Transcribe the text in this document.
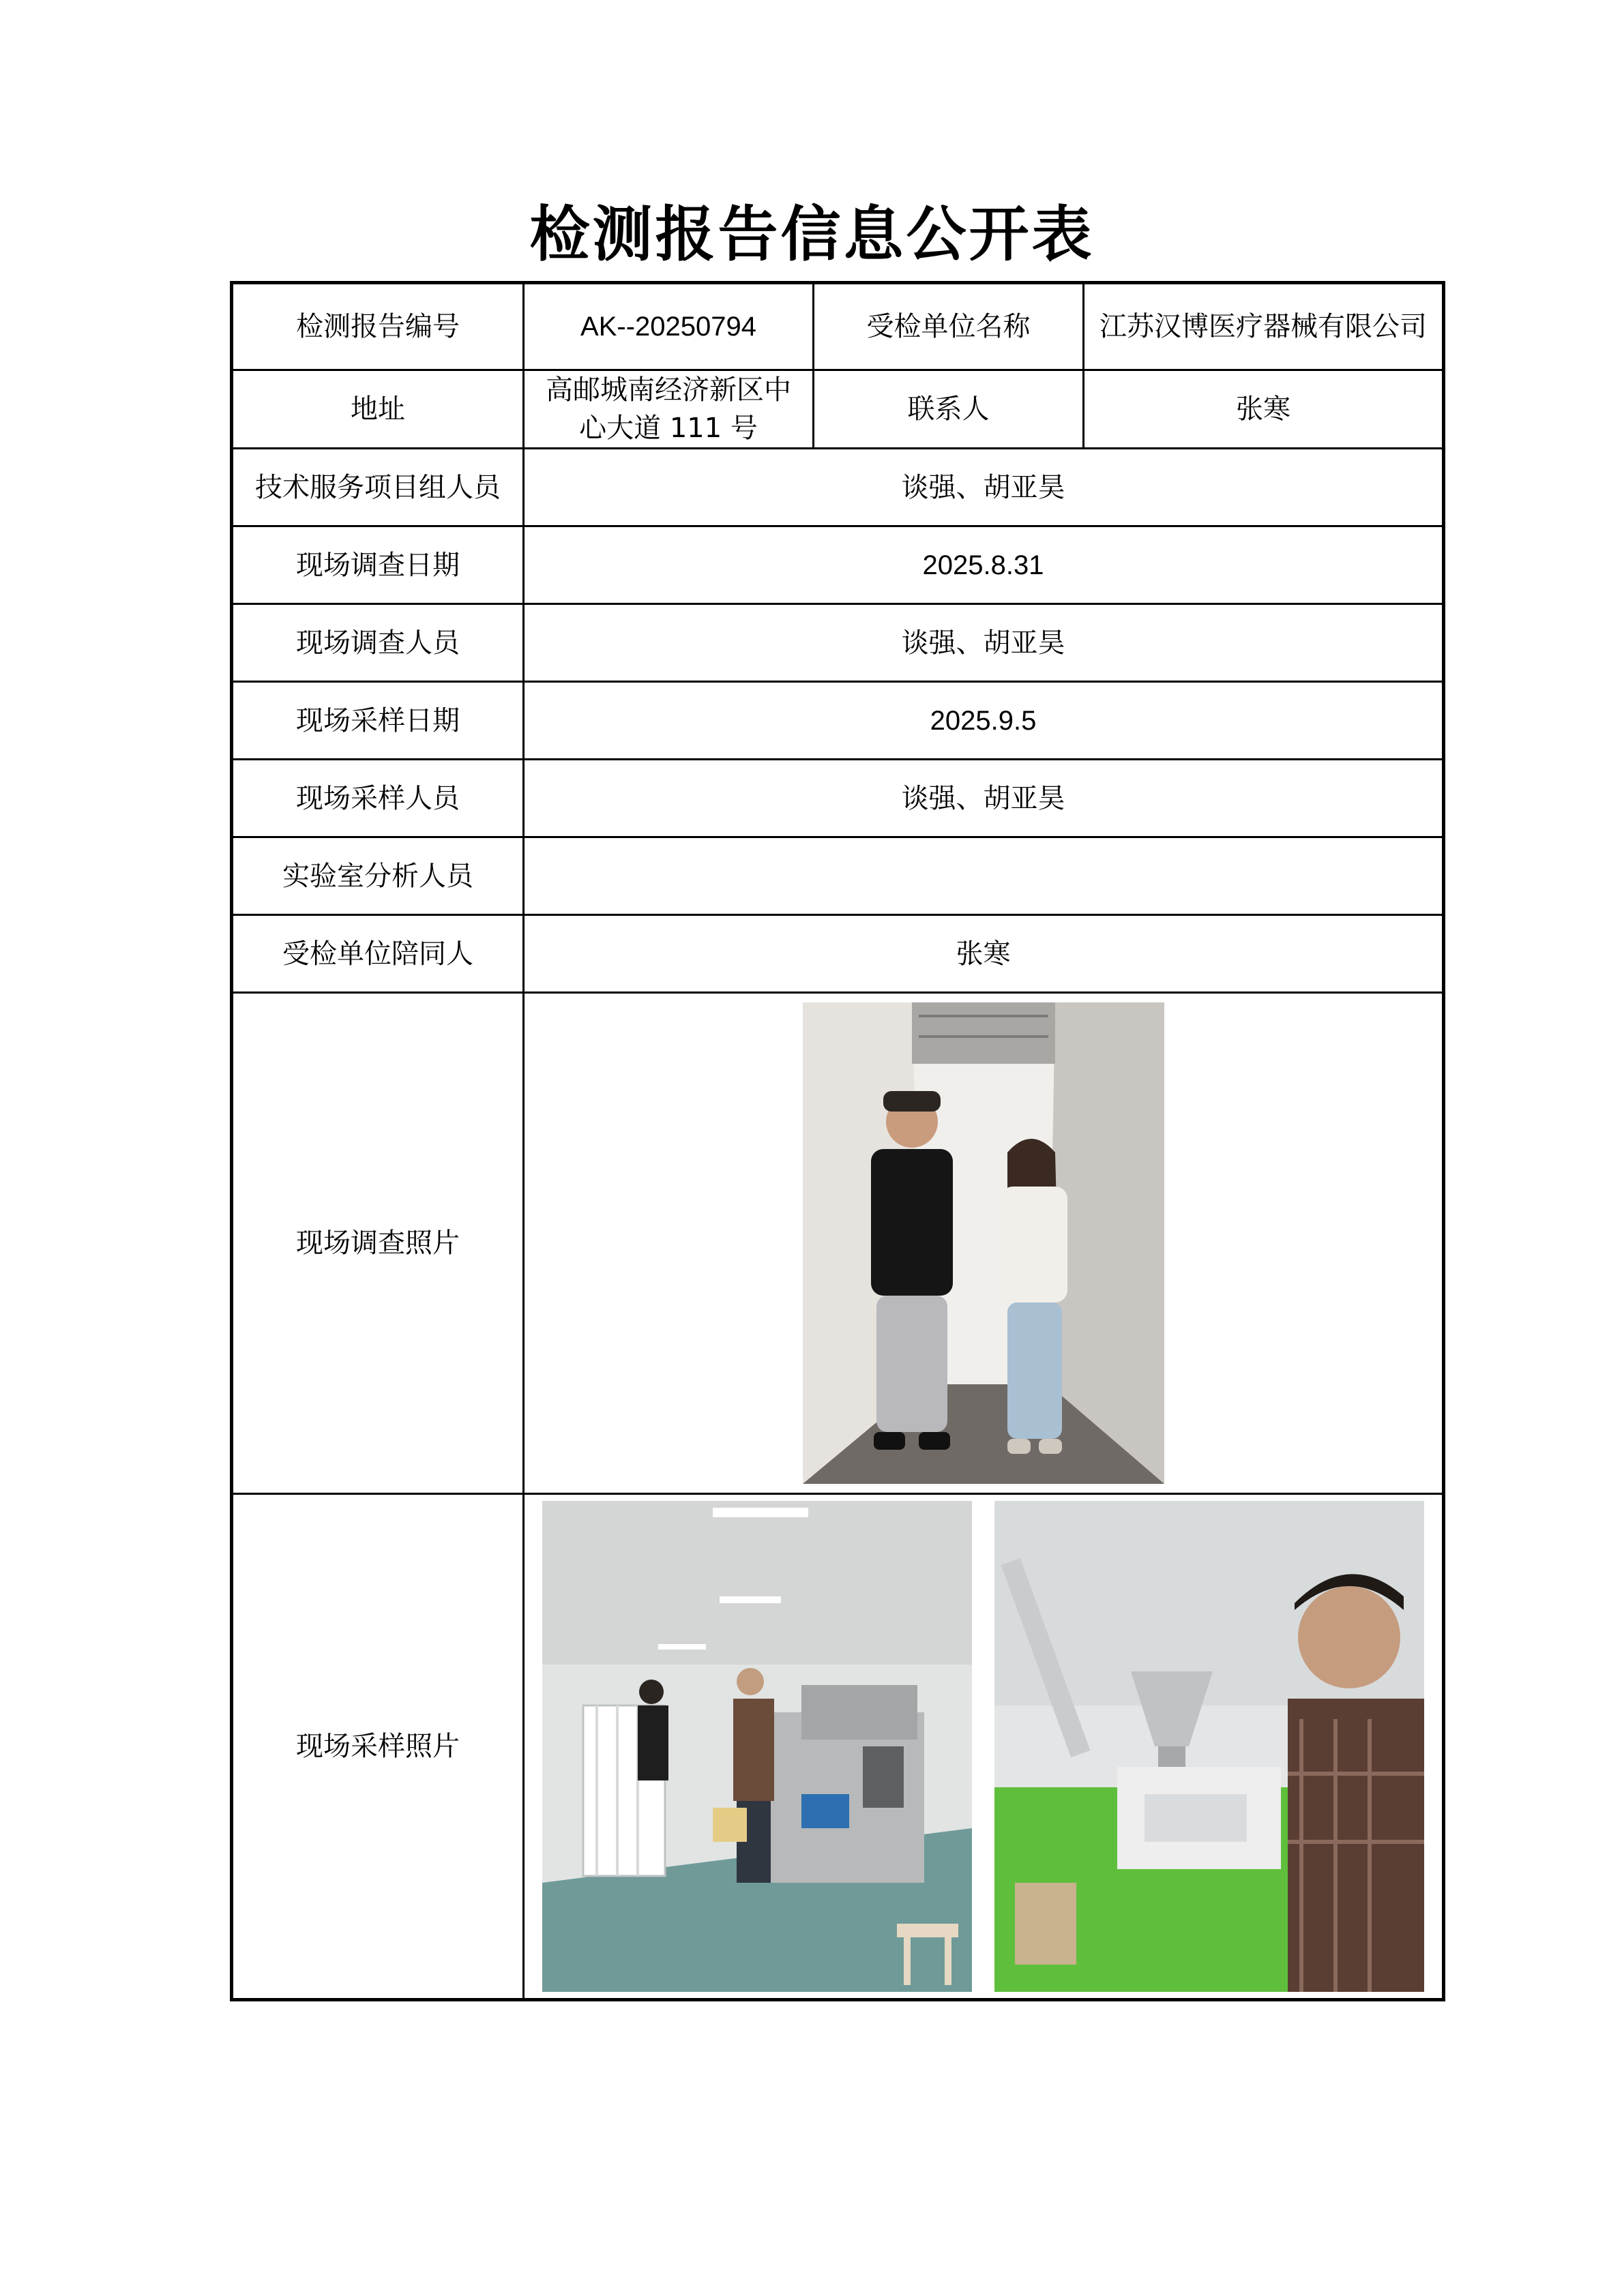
检测报告信息公开表
检测报告编号	AK--20250794	受检单位名称	江苏汉博医疗器械有限公司
地址	高邮城南经济新区中心大道 111 号	联系人	张寒
技术服务项目组人员	谈强、胡亚昊		
现场调查日期	2025.8.31		
现场调查人员	谈强、胡亚昊		
现场采样日期	2025.9.5		
现场采样人员	谈强、胡亚昊		
实验室分析人员			
受检单位陪同人	张寒		
现场调查照片	

现场采样照片	
